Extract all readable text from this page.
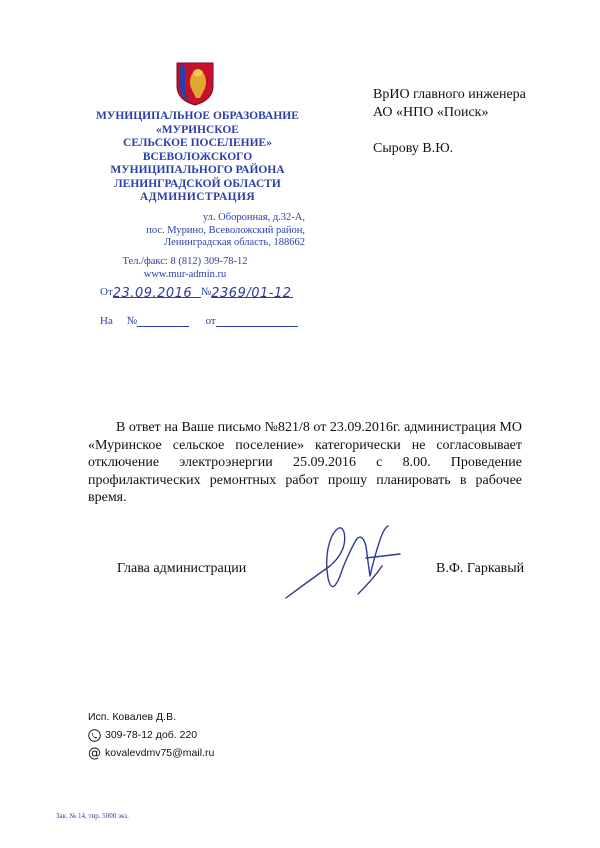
МУНИЦИПАЛЬНОЕ ОБРАЗОВАНИЕ
«МУРИНСКОЕ
СЕЛЬСКОЕ ПОСЕЛЕНИЕ»
ВСЕВОЛОЖСКОГО
МУНИЦИПАЛЬНОГО РАЙОНА
ЛЕНИНГРАДСКОЙ ОБЛАСТИ
АДМИНИСТРАЦИЯ
ул. Оборонная, д.32-А,
пос. Мурино, Всеволожский район,
Ленинградская область, 188662
Тел./факс: 8 (812) 309-78-12
www.mur-admin.ru
От23.09.2016 №2369/01-12
На №	от
ВрИО главного инженера
АО «НПО «Поиск»
Сырову В.Ю.

В ответ на Ваше письмо №821/8 от 23.09.2016г. администрация МО «Муринское сельское поселение» категорически не согласовывает отключение электроэнергии 25.09.2016 с 8.00. Проведение профилактических ремонтных работ прошу планировать в рабочее время.

Глава администрации	В.Ф. Гаркавый
Исп. Ковалев Д.В.
309-78-12 доб. 220
@ kovalevdmv75@mail.ru
Зак. № 14, тир. 5000 экз.
